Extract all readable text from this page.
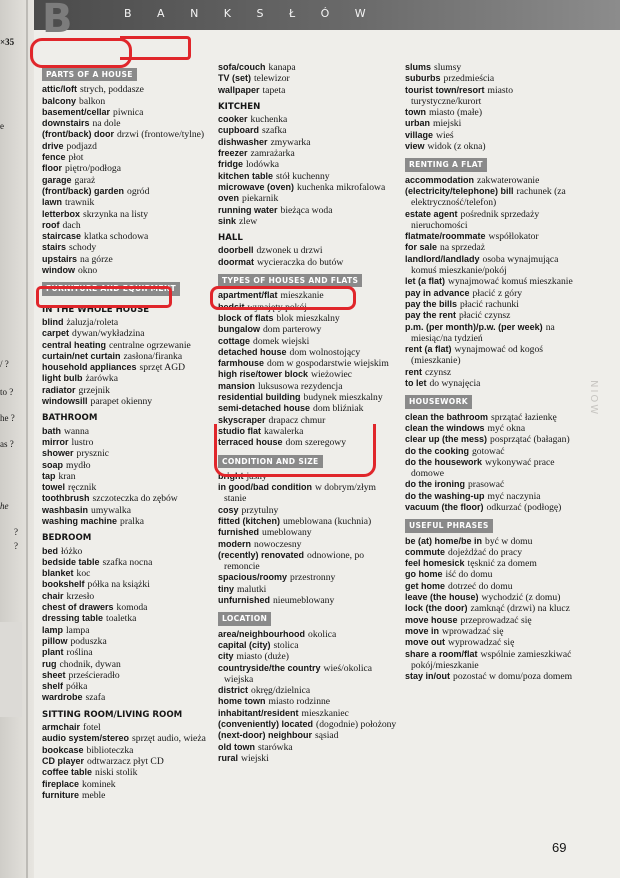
×35
e
/ ?
to ?
he ?
as ?
he
?
?
B	B A N K S Ł Ó W
PARTS OF A HOUSE
attic/loft strych, poddasze
balcony balkon
basement/cellar piwnica
downstairs na dole
(front/back) door drzwi (frontowe/tylne)
drive podjazd
fence płot
floor piętro/podłoga
garage garaż
(front/back) garden ogród
lawn trawnik
letterbox skrzynka na listy
roof dach
staircase klatka schodowa
stairs schody
upstairs na górze
window okno
FURNITURE AND EQUIPMENT
IN THE WHOLE HOUSE
blind żaluzja/roleta
carpet dywan/wykładzina
central heating centralne ogrzewanie
curtain/net curtain zasłona/firanka
household appliances sprzęt AGD
light bulb żarówka
radiator grzejnik
windowsill parapet okienny
BATHROOM
bath wanna
mirror lustro
shower prysznic
soap mydło
tap kran
towel ręcznik
toothbrush szczoteczka do zębów
washbasin umywalka
washing machine pralka
BEDROOM
bed łóżko
bedside table szafka nocna
blanket koc
bookshelf półka na książki
chair krzesło
chest of drawers komoda
dressing table toaletka
lamp lampa
pillow poduszka
plant roślina
rug chodnik, dywan
sheet prześcieradło
shelf półka
wardrobe szafa
SITTING ROOM/LIVING ROOM
armchair fotel
audio system/stereo sprzęt audio, wieża
bookcase biblioteczka
CD player odtwarzacz płyt CD
coffee table niski stolik
fireplace kominek
furniture meble
sofa/couch kanapa
TV (set) telewizor
wallpaper tapeta
KITCHEN
cooker kuchenka
cupboard szafka
dishwasher zmywarka
freezer zamrażarka
fridge lodówka
kitchen table stół kuchenny
microwave (oven) kuchenka mikrofalowa
oven piekarnik
running water bieżąca woda
sink zlew
HALL
doorbell dzwonek u drzwi
doormat wycieraczka do butów
TYPES OF HOUSES AND FLATS
apartment/flat mieszkanie
bedsit wynajęty pokój
block of flats blok mieszkalny
bungalow dom parterowy
cottage domek wiejski
detached house dom wolnostojący
farmhouse dom w gospodarstwie wiejskim
high rise/tower block wieżowiec
mansion luksusowa rezydencja
residential building budynek mieszkalny
semi-detached house dom bliźniak
skyscraper drapacz chmur
studio flat kawalerka
terraced house dom szeregowy
CONDITION AND SIZE
bright jasny
in good/bad condition w dobrym/złym stanie
cosy przytulny
fitted (kitchen) umeblowana (kuchnia)
furnished umeblowany
modern nowoczesny
(recently) renovated odnowione, po remoncie
spacious/roomy przestronny
tiny malutki
unfurnished nieumeblowany
LOCATION
area/neighbourhood okolica
capital (city) stolica
city miasto (duże)
countryside/the country wieś/okolica wiejska
district okręg/dzielnica
home town miasto rodzinne
inhabitant/resident mieszkaniec
(conveniently) located (dogodnie) położony
(next-door) neighbour sąsiad
old town starówka
rural wiejski
slums slumsy
suburbs przedmieścia
tourist town/resort miasto turystyczne/kurort
town miasto (małe)
urban miejski
village wieś
view widok (z okna)
RENTING A FLAT
accommodation zakwaterowanie
(electricity/telephone) bill rachunek (za elektryczność/telefon)
estate agent pośrednik sprzedaży nieruchomości
flatmate/roommate współlokator
for sale na sprzedaż
landlord/landlady osoba wynajmująca komuś mieszkanie/pokój
let (a flat) wynajmować komuś mieszkanie
pay in advance płacić z góry
pay the bills płacić rachunki
pay the rent płacić czynsz
p.m. (per month)/p.w. (per week) na miesiąc/na tydzień
rent (a flat) wynajmować od kogoś (mieszkanie)
rent czynsz
to let do wynajęcia
HOUSEWORK
clean the bathroom sprzątać łazienkę
clean the windows myć okna
clear up (the mess) posprzątać (bałagan)
do the cooking gotować
do the housework wykonywać prace domowe
do the ironing prasować
do the washing-up myć naczynia
vacuum (the floor) odkurzać (podłogę)
USEFUL PHRASES
be (at) home/be in być w domu
commute dojeżdżać do pracy
feel homesick tęsknić za domem
go home iść do domu
get home dotrzeć do domu
leave (the house) wychodzić (z domu)
lock (the door) zamknąć (drzwi) na klucz
move house przeprowadzać się
move in wprowadzać się
move out wyprowadzać się
share a room/flat wspólnie zamieszkiwać pokój/mieszkanie
stay in/out pozostać w domu/poza domem
NIOW
69
